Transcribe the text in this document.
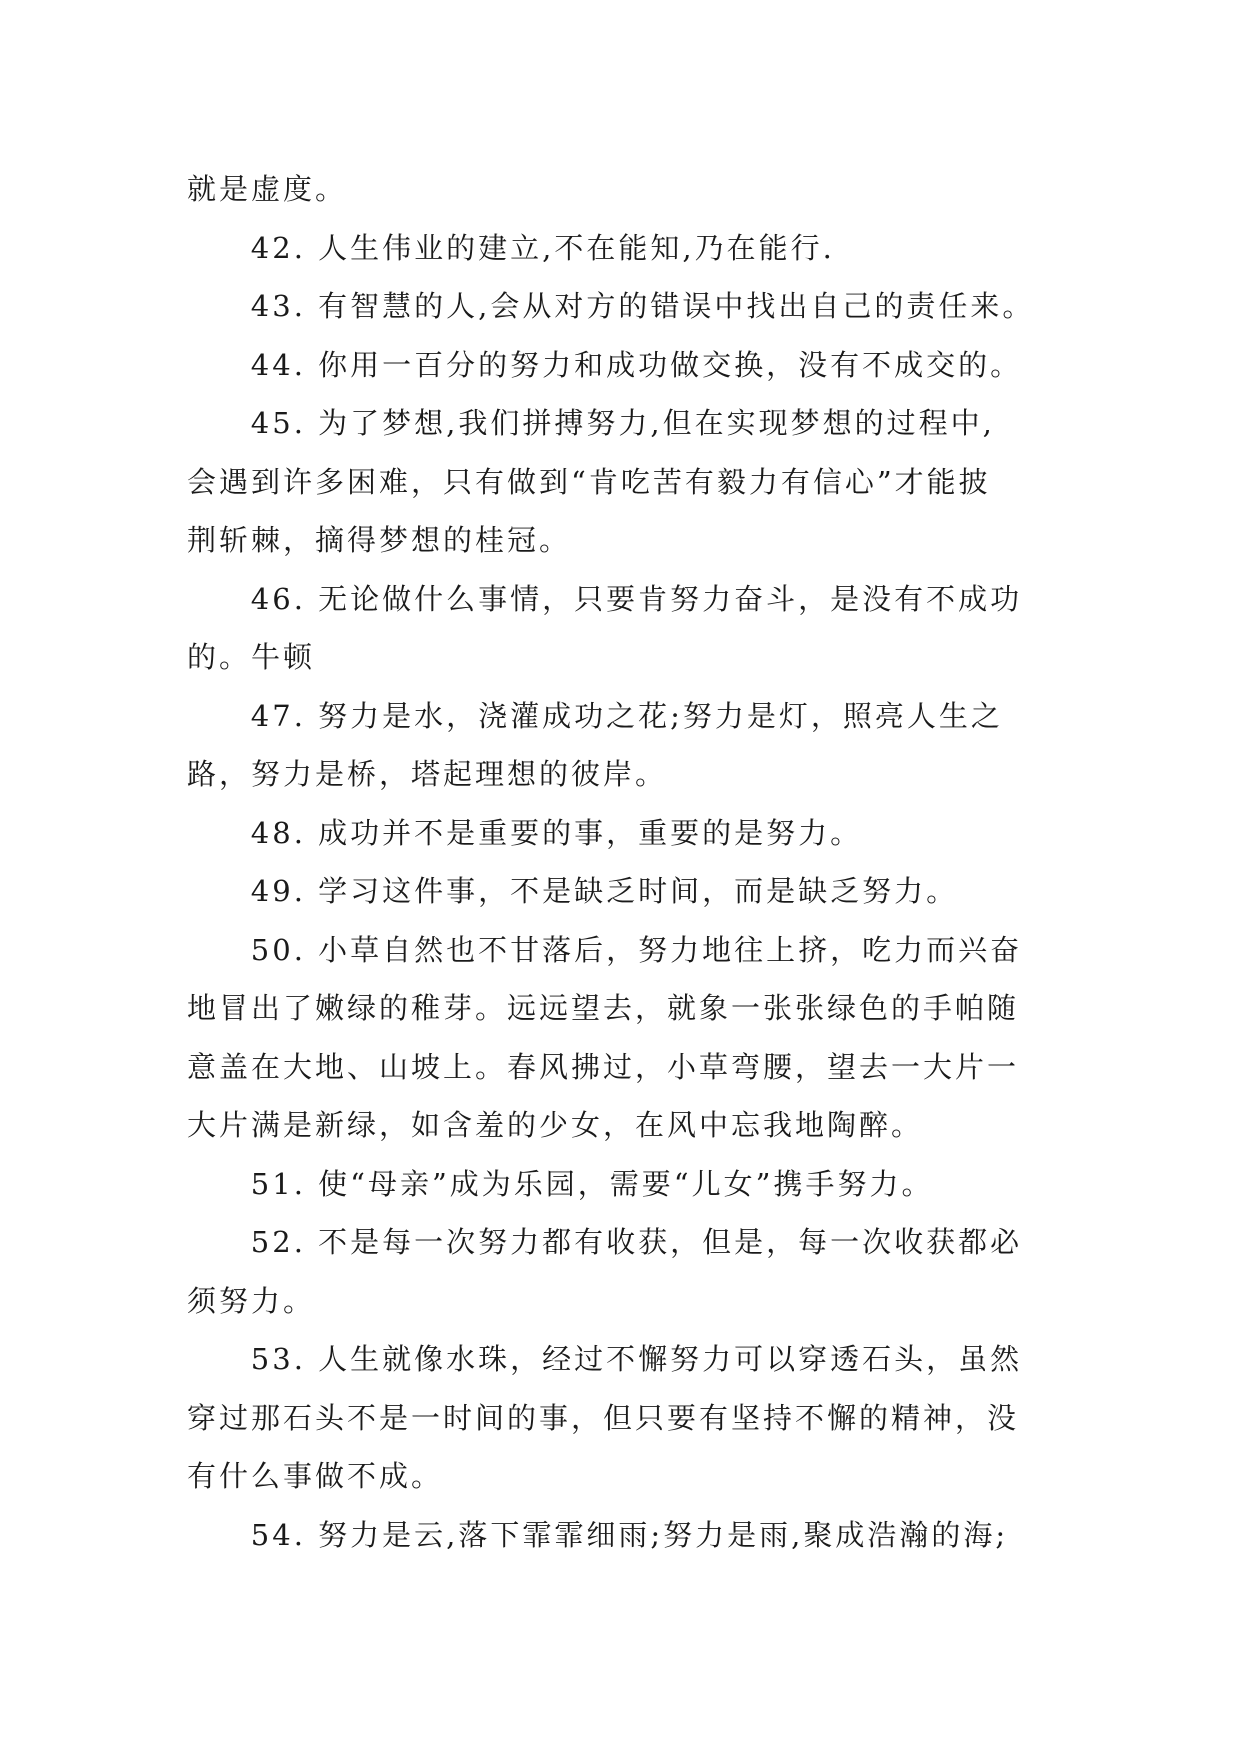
就是虚度。

42. 人生伟业的建立,不在能知,乃在能行.

43. 有智慧的人,会从对方的错误中找出自己的责任来。

44. 你用一百分的努力和成功做交换，没有不成交的。

45. 为了梦想,我们拼搏努力,但在实现梦想的过程中,
会遇到许多困难，只有做到“肯吃苦有毅力有信心”才能披
荆斩棘，摘得梦想的桂冠。

46. 无论做什么事情，只要肯努力奋斗，是没有不成功
的。牛顿

47. 努力是水，浇灌成功之花;努力是灯，照亮人生之
路，努力是桥，塔起理想的彼岸。

48. 成功并不是重要的事，重要的是努力。

49. 学习这件事，不是缺乏时间，而是缺乏努力。

50. 小草自然也不甘落后，努力地往上挤，吃力而兴奋
地冒出了嫩绿的稚芽。远远望去，就象一张张绿色的手帕随
意盖在大地、山坡上。春风拂过，小草弯腰，望去一大片一
大片满是新绿，如含羞的少女，在风中忘我地陶醉。

51. 使“母亲”成为乐园，需要“儿女”携手努力。

52. 不是每一次努力都有收获，但是，每一次收获都必
须努力。

53. 人生就像水珠，经过不懈努力可以穿透石头，虽然
穿过那石头不是一时间的事，但只要有坚持不懈的精神，没
有什么事做不成。

54. 努力是云,落下霏霏细雨;努力是雨,聚成浩瀚的海;
